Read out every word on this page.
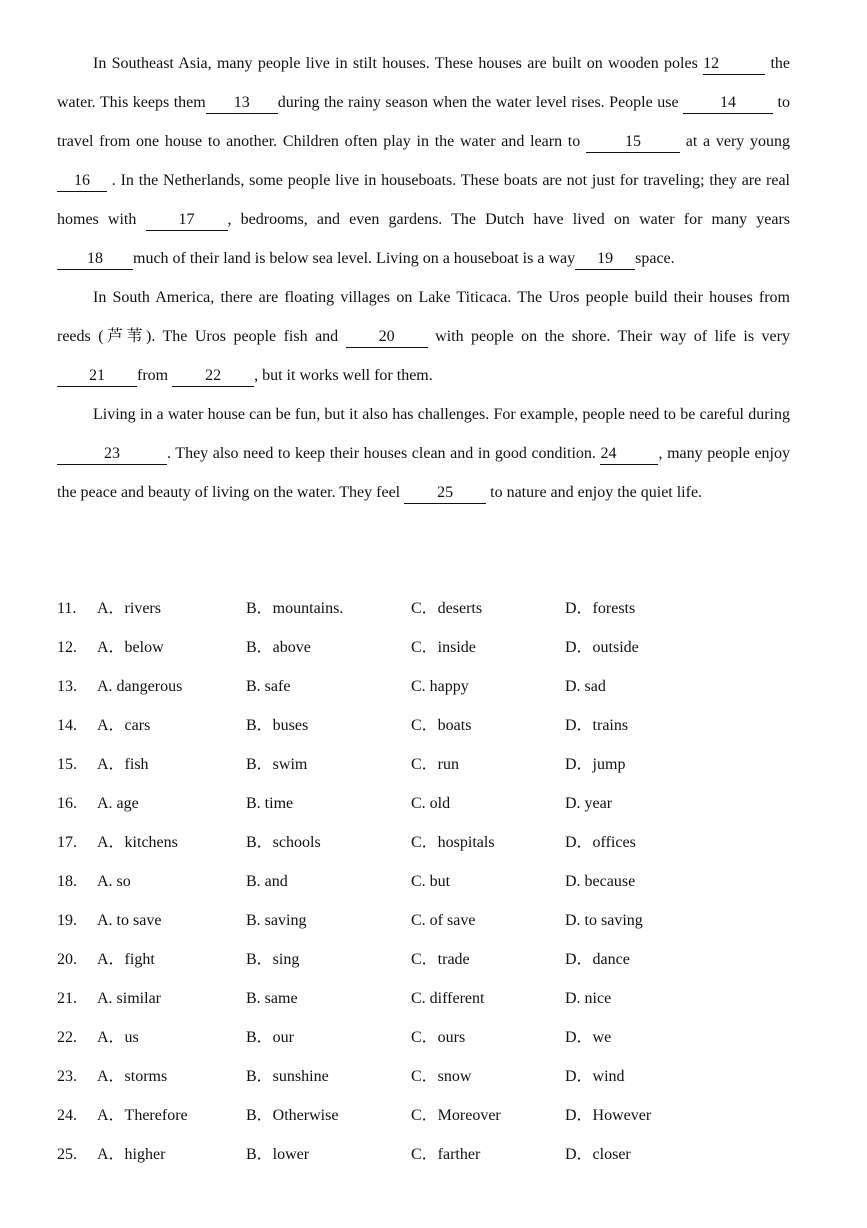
In Southeast Asia, many people live in stilt houses. These houses are built on wooden poles 12	the water. This keeps them 13 during the rainy season when the water level rises. People use 14 to travel from one house to another. Children often play in the water and learn to 15 at a very young16 . In the Netherlands, some people live in houseboats. These boats are not just for traveling; they are real homes with 17 , bedrooms, and even gardens. The Dutch have lived on water for many years 18 much of their land is below sea level. Living on a houseboat is a way 19 space.

In South America, there are floating villages on Lake Titicaca. The Uros people build their houses from reeds (芦苇). The Uros people fish and 20 with people on the shore. Their way of life is very 21 from 22 , but it works well for them.

Living in a water house can be fun, but it also has challenges. For example, people need to be careful during 23	. They also need to keep their houses clean and in good condition. 24	, many people enjoy the peace and beauty of living on the water. They feel 25 to nature and enjoy the quiet life.

11. A．rivers	B．mountains.	C．deserts	D．forests
12. A．below	B．above	C．inside	D．outside
13. A. dangerous	B. safe	C. happy	D. sad
14. A．cars	B．buses	C．boats	D．trains
15. A．fish	B．swim	C．run	D．jump
16. A. age	B. time	C. old	D. year
17. A．kitchens	B．schools	C．hospitals	D．offices
18. A. so	B. and	C. but	D. because
19. A. to save	B. saving	C. of save	D. to saving
20. A．fight	B．sing	C．trade	D．dance
21. A. similar	B. same	C. different	D. nice
22. A．us	B．our	C．ours	D．we
23. A．storms	B．sunshine	C．snow	D．wind
24. A．Therefore	B．Otherwise	C．Moreover	D．However
25. A．higher	B．lower	C．farther	D．closer
